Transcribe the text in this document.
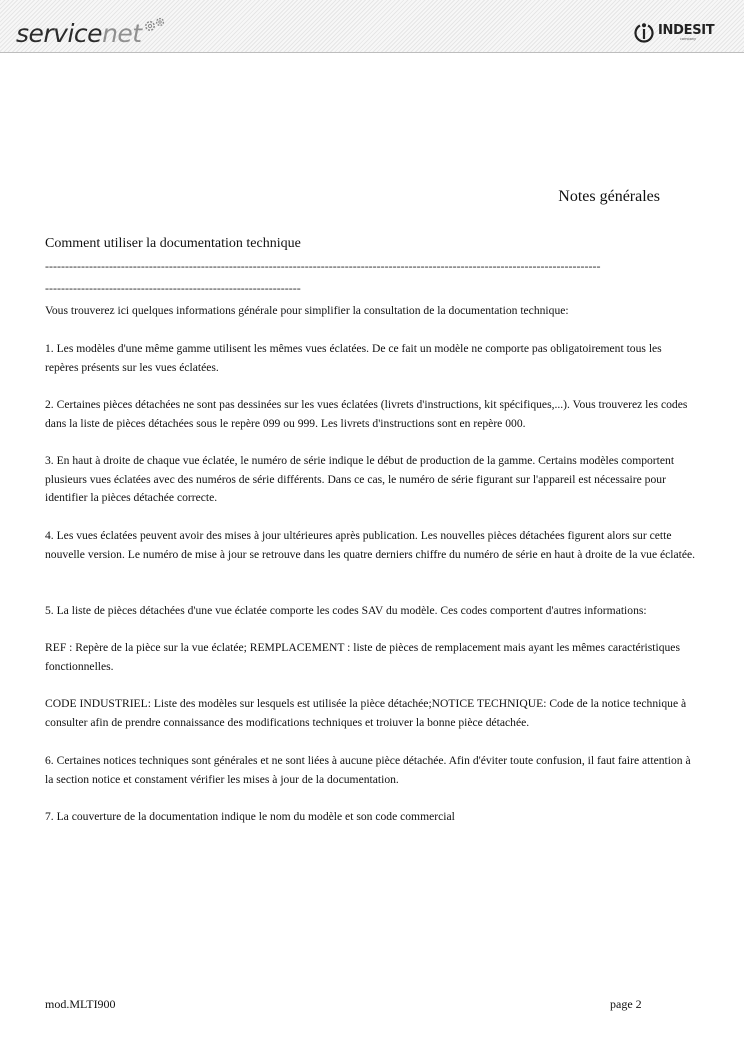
servicenet	INDESIT
company
Notes générales
Comment utiliser la documentation technique
-------------------------------------------------------------------------------------------------------------------------------------------
----------------------------------------------------------------

Vous trouverez ici quelques informations générale pour simplifier la consultation de la documentation technique:

1. Les modèles d'une même gamme utilisent les mêmes vues éclatées. De ce fait un modèle ne comporte pas obligatoirement tous les repères présents sur les vues éclatées.

2. Certaines pièces détachées ne sont pas dessinées sur les vues éclatées (livrets d'instructions, kit spécifiques,...). Vous trouverez les codes dans la liste de pièces détachées sous le repère 099 ou 999. Les livrets d'instructions sont en repère 000.

3. En haut à droite de chaque vue éclatée, le numéro de série indique le début de production de la gamme. Certains modèles comportent plusieurs vues éclatées avec des numéros de série différents. Dans ce cas, le numéro de série figurant sur l'appareil est nécessaire pour identifier la pièces détachée correcte.

4. Les vues éclatées peuvent avoir des mises à jour ultérieures après publication. Les nouvelles pièces détachées figurent alors sur cette nouvelle version. Le numéro de mise à jour se retrouve dans les quatre derniers chiffre du numéro de série en haut à droite de la vue éclatée.

5. La liste de pièces détachées d'une vue éclatée comporte les codes SAV du modèle. Ces codes comportent d'autres informations:

REF : Repère de la pièce sur la vue éclatée; REMPLACEMENT : liste de pièces de remplacement mais ayant les mêmes caractéristiques fonctionnelles.

CODE INDUSTRIEL: Liste des modèles sur lesquels est utilisée la pièce détachée;NOTICE TECHNIQUE: Code de la notice technique à consulter afin de prendre connaissance des modifications techniques et troiuver la bonne pièce détachée.

6. Certaines notices techniques sont générales et ne sont liées à aucune pièce détachée. Afin d'éviter toute confusion, il faut faire attention à la section notice et constament vérifier les mises à jour de la documentation.

7. La couverture de la documentation indique le nom du modèle et son code commercial

mod.MLTI900	page 2
